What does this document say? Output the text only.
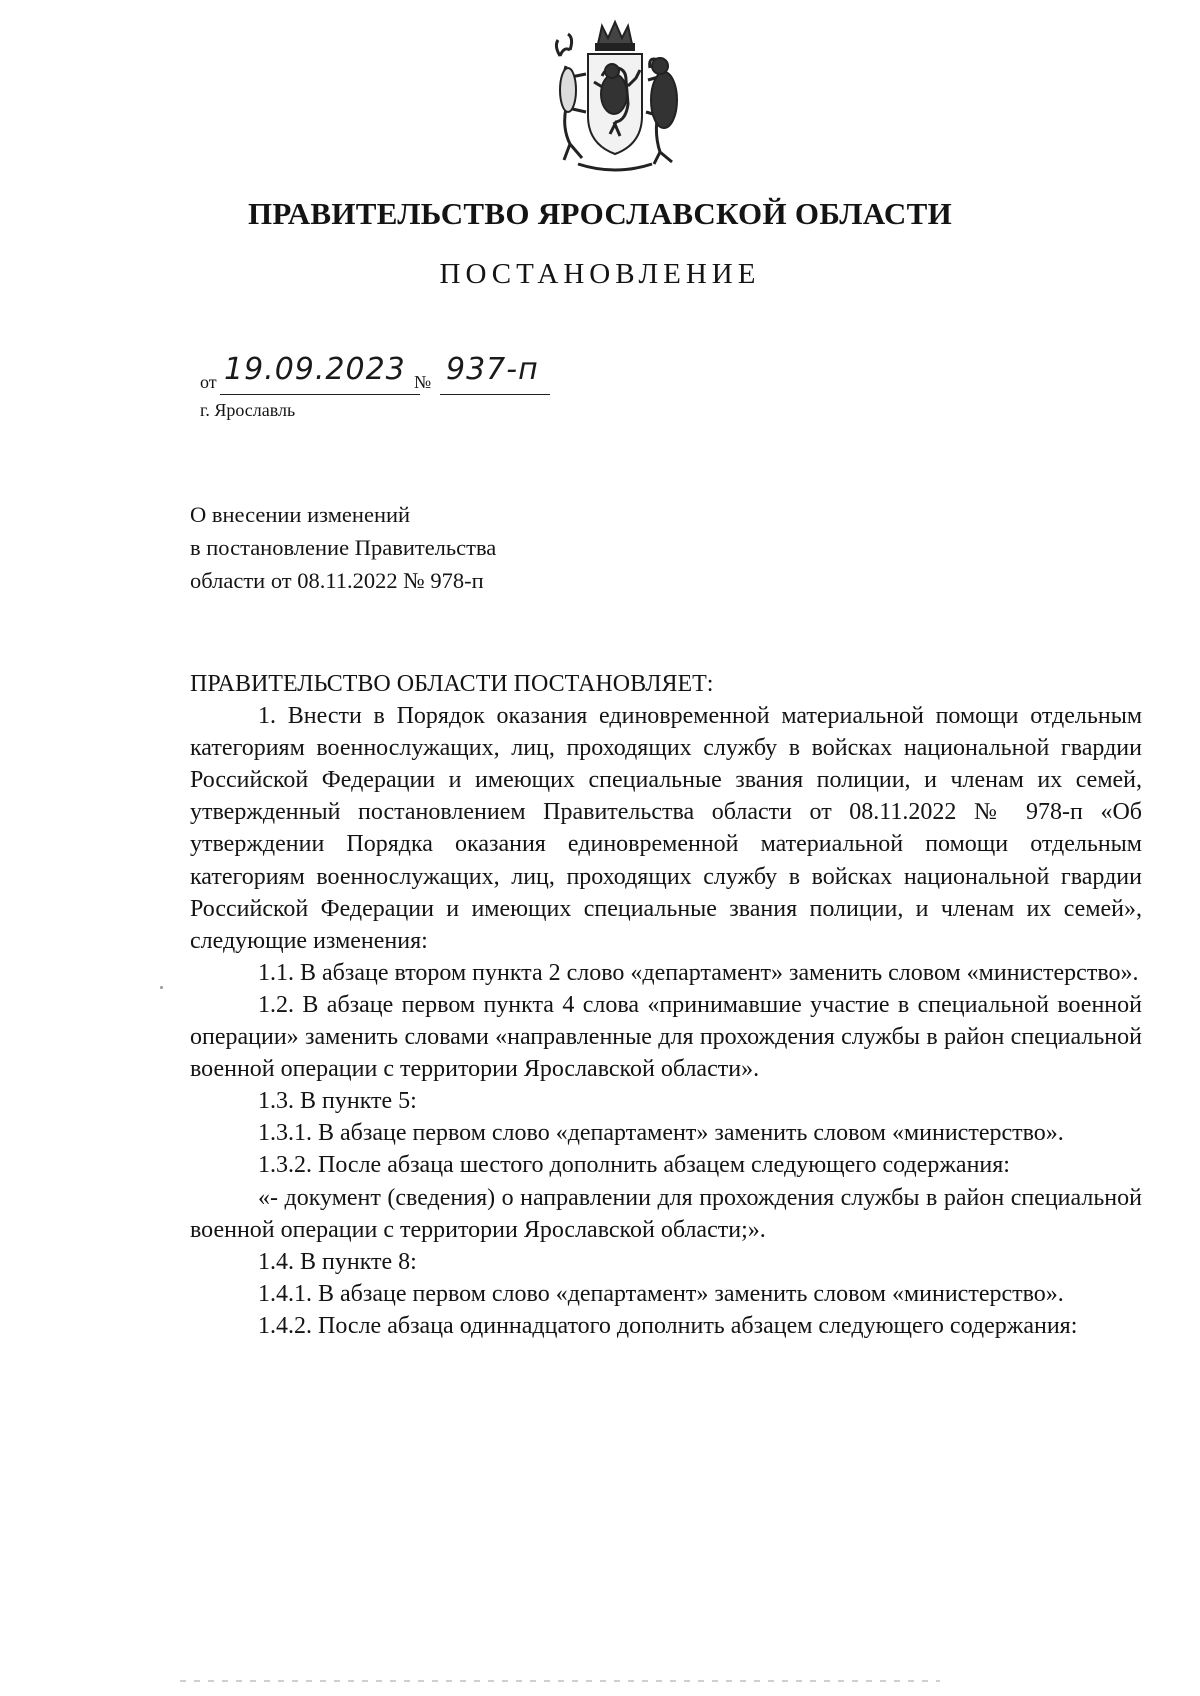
ПРАВИТЕЛЬСТВО ЯРОСЛАВСКОЙ ОБЛАСТИ
ПОСТАНОВЛЕНИЕ
от 19.09.2023 № 937-п
г. Ярославль
О внесении изменений
в постановление Правительства
области от 08.11.2022 № 978-п
ПРАВИТЕЛЬСТВО ОБЛАСТИ ПОСТАНОВЛЯЕТ:

1. Внести в Порядок оказания единовременной материальной помощи отдельным категориям военнослужащих, лиц, проходящих службу в войсках национальной гвардии Российской Федерации и имеющих специальные звания полиции, и членам их семей, утвержденный постановлением Правительства области от 08.11.2022 № 978-п «Об утверждении Порядка оказания единовременной материальной помощи отдельным категориям военнослужащих, лиц, проходящих службу в войсках национальной гвардии Российской Федерации и имеющих специальные звания полиции, и членам их семей», следующие изменения:

1.1. В абзаце втором пункта 2 слово «департамент» заменить словом «министерство».

1.2. В абзаце первом пункта 4 слова «принимавшие участие в специальной военной операции» заменить словами «направленные для прохождения службы в район специальной военной операции с территории Ярославской области».

1.3. В пункте 5:

1.3.1. В абзаце первом слово «департамент» заменить словом «министерство».

1.3.2. После абзаца шестого дополнить абзацем следующего содержания:

«- документ (сведения) о направлении для прохождения службы в район специальной военной операции с территории Ярославской области;».

1.4. В пункте 8:

1.4.1. В абзаце первом слово «департамент» заменить словом «министерство».

1.4.2. После абзаца одиннадцатого дополнить абзацем следующего содержания:
